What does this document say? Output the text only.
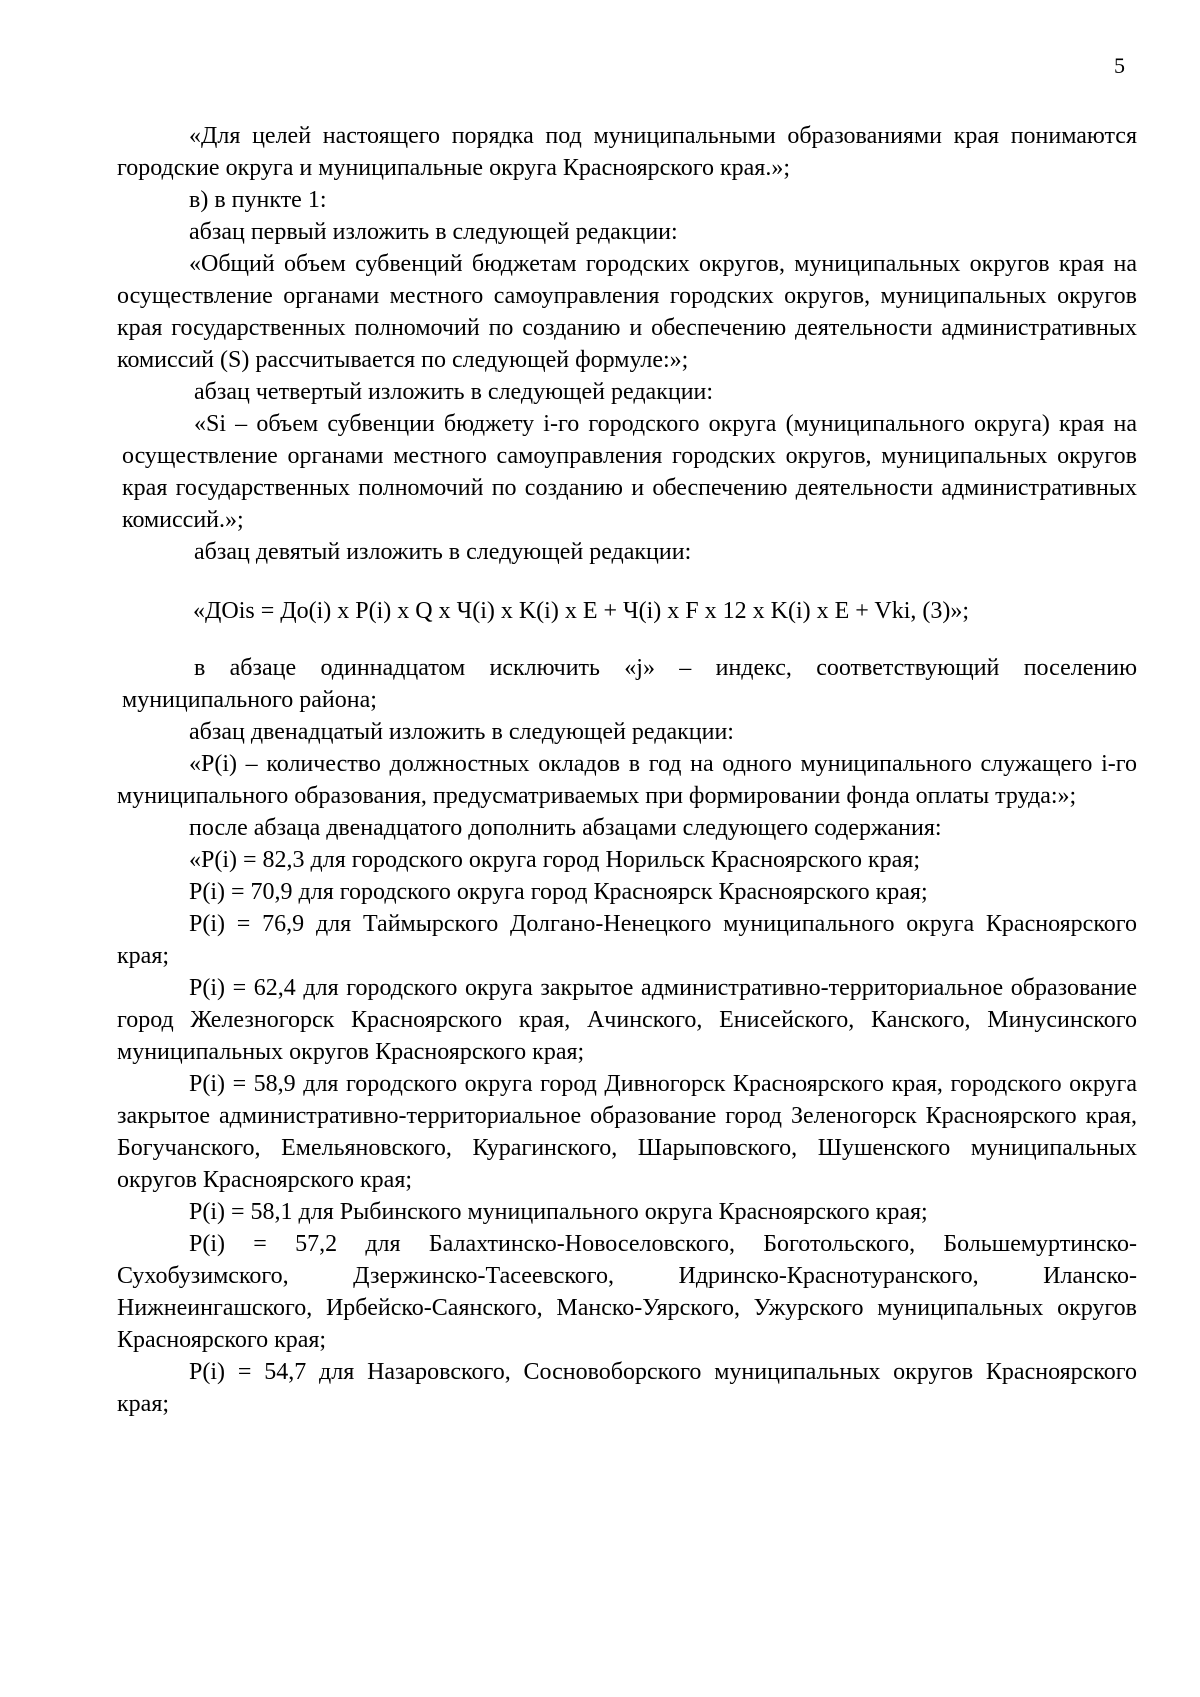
5

«Для целей настоящего порядка под муниципальными образованиями края понимаются городские округа и муниципальные округа Красноярского края.»;

в) в пункте 1:

абзац первый изложить в следующей редакции:

«Общий объем субвенций бюджетам городских округов, муниципальных округов края на осуществление органами местного самоуправления городских округов, муниципальных округов края государственных полномочий по созданию и обеспечению деятельности административных комиссий (S) рассчитывается по следующей формуле:»;

абзац четвертый изложить в следующей редакции:

«Si – объем субвенции бюджету i-го городского округа (муниципального округа) края на осуществление органами местного самоуправления городских округов, муниципальных округов края государственных полномочий по созданию и обеспечению деятельности административных комиссий.»;

абзац девятый изложить в следующей редакции:

«ДОis = До(i) x P(i) x Q x Ч(i) x K(i) x E + Ч(i) x F x 12 x K(i) x E + Vki, (3)»;

в абзаце одиннадцатом исключить «j» – индекс, соответствующий поселению муниципального района;

абзац двенадцатый изложить в следующей редакции:

«P(i) – количество должностных окладов в год на одного муниципального служащего i-го муниципального образования, предусматриваемых при формировании фонда оплаты труда:»;

после абзаца двенадцатого дополнить абзацами следующего содержания:

«P(i) = 82,3 для городского округа город Норильск Красноярского края;

P(i) = 70,9 для городского округа город Красноярск Красноярского края;

P(i) = 76,9 для Таймырского Долгано-Ненецкого муниципального округа Красноярского края;

P(i) = 62,4 для городского округа закрытое административно-территориальное образование город Железногорск Красноярского края, Ачинского, Енисейского, Канского, Минусинского муниципальных округов Красноярского края;

P(i) = 58,9 для городского округа город Дивногорск Красноярского края, городского округа закрытое административно-территориальное образование город Зеленогорск Красноярского края, Богучанского, Емельяновского, Курагинского, Шарыповского, Шушенского муниципальных округов Красноярского края;

P(i) = 58,1 для Рыбинского муниципального округа Красноярского края;

P(i) = 57,2 для Балахтинско-Новоселовского, Боготольского, Большемуртинско-Сухобузимского, Дзержинско-Тасеевского, Идринско-Краснотуранского, Иланско-Нижнеингашского, Ирбейско-Саянского, Манско-Уярского, Ужурского муниципальных округов Красноярского края;

P(i) = 54,7 для Назаровского, Сосновоборского муниципальных округов Красноярского края;
